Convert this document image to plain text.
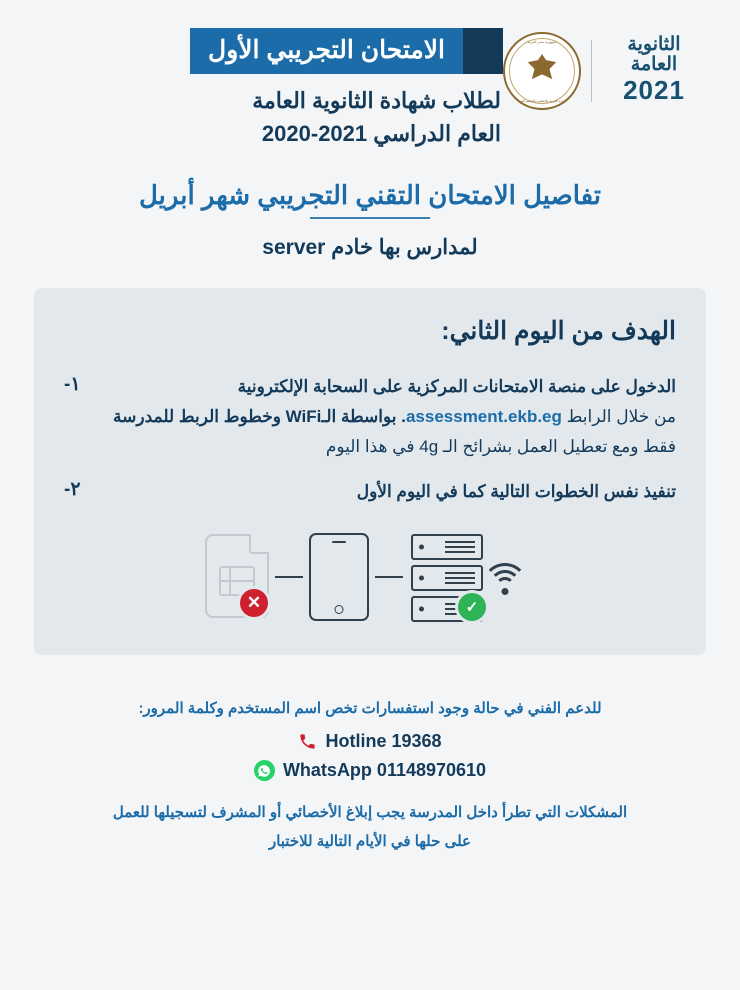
الامتحان التجريبي الأول

لطلاب شهادة الثانوية العامة

العام الدراسي 2021-2020

الثانوية العامة
2021
جمهورية مصر العربية
وزارة التربية والتعليم والتعليم الفني
تفاصيل الامتحان التقني التجريبي شهر أبريل

لمدارس بها خادم server

الهدف من اليوم الثاني:
الدخول على منصة الامتحانات المركزية على السحابة الإلكترونية
من خلال الرابط assessment.ekb.eg. بواسطة الـWiFi وخطوط الربط للمدرسة
فقط ومع تعطيل العمل بشرائح الـ 4g في هذا اليوم
١-
تنفيذ نفس الخطوات التالية كما في اليوم الأول
٢-
✕	✓
للدعم الفني في حالة وجود استفسارات تخص اسم المستخدم وكلمة المرور:
Hotline 19368
WhatsApp 01148970610
المشكلات التي تطرأ داخل المدرسة يجب إبلاغ الأخصائي أو المشرف لتسجيلها للعمل
على حلها في الأيام التالية للاختبار
